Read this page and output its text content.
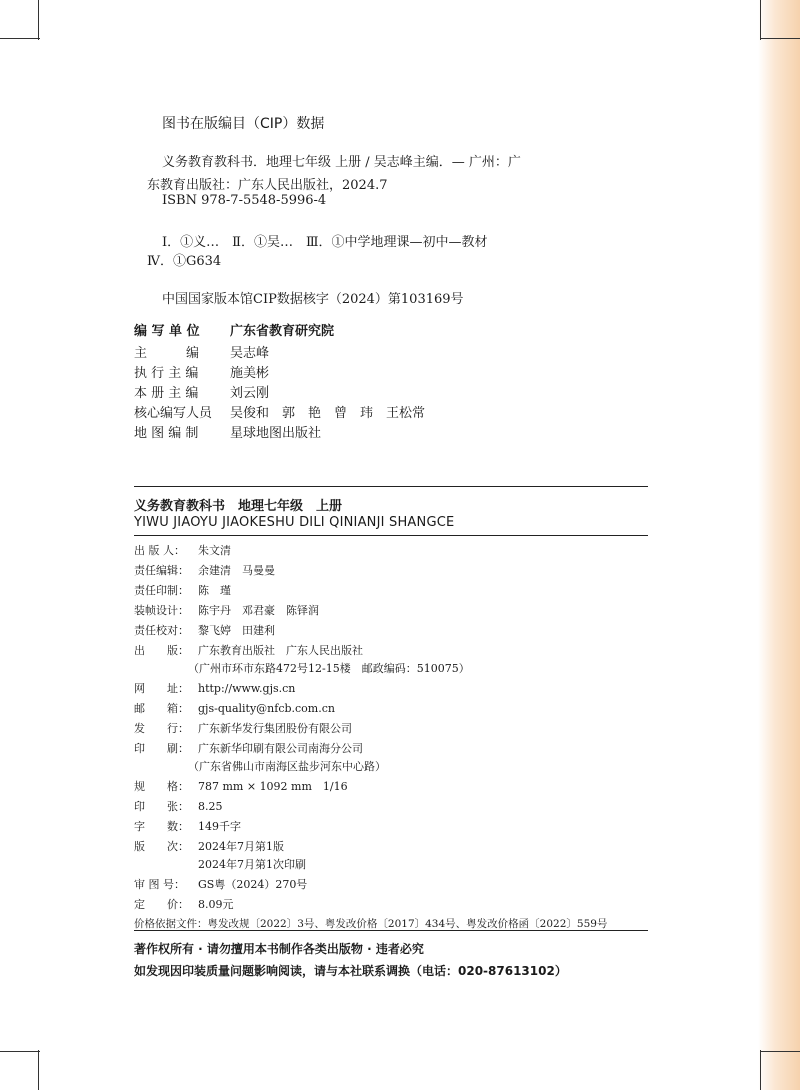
图书在版编目（CIP）数据
义务教育教科书．地理七年级 上册 / 吴志峰主编．— 广州：广
东教育出版社：广东人民出版社，2024.7
ISBN 978-7-5548-5996-4
Ⅰ．①义…　Ⅱ．①吴…　Ⅲ．①中学地理课—初中—教材
Ⅳ．①G634
中国国家版本馆CIP数据核字（2024）第103169号
编 写 单 位 广东省教育研究院
主　　　编 吴志峰
执 行 主 编 施美彬
本 册 主 编 刘云刚
核心编写人员 吴俊和　郭　艳　曾　玮　王松常
地 图 编 制 星球地图出版社
义务教育教科书　地理七年级　上册
YIWU JIAOYU JIAOKESHU DILI QINIANJI SHANGCE
出 版 人： 朱文清
责任编辑： 余建清　马曼曼
责任印制： 陈　瑾
装帧设计： 陈宇丹　邓君豪　陈铎润
责任校对： 黎飞婷　田建利
出　　版： 广东教育出版社　广东人民出版社
（广州市环市东路472号12-15楼　邮政编码：510075）
网　　址： http://www.gjs.cn
邮　　箱： gjs-quality@nfcb.com.cn
发　　行： 广东新华发行集团股份有限公司
印　　刷： 广东新华印刷有限公司南海分公司
（广东省佛山市南海区盐步河东中心路）
规　　格： 787 mm × 1092 mm　1/16
印　　张： 8.25
字　　数： 149千字
版　　次： 2024年7月第1版
2024年7月第1次印刷
审 图 号： GS粤（2024）270号
定　　价： 8.09元
价格依据文件：粤发改规〔2022〕3号、粤发改价格〔2017〕434号、粤发改价格函〔2022〕559号
著作权所有 · 请勿擅用本书制作各类出版物 · 违者必究
如发现因印装质量问题影响阅读，请与本社联系调换（电话：020-87613102）
